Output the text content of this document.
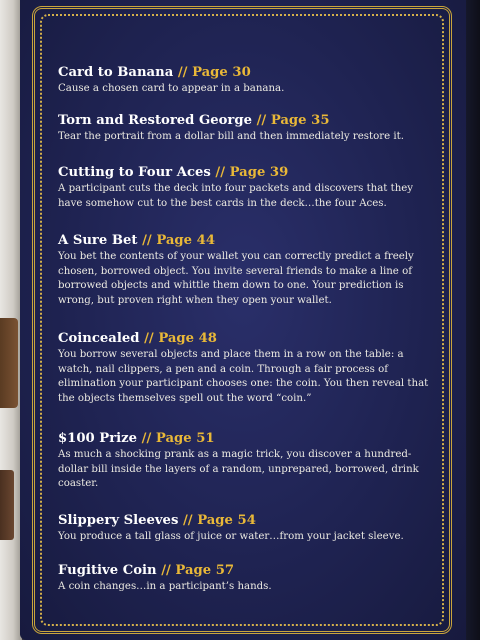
Card to Banana // Page 30
Cause a chosen card to appear in a banana.
Torn and Restored George // Page 35
Tear the portrait from a dollar bill and then immediately restore it.
Cutting to Four Aces // Page 39
A participant cuts the deck into four packets and discovers that they have somehow cut to the best cards in the deck…the four Aces.
A Sure Bet // Page 44
You bet the contents of your wallet you can correctly predict a freely chosen, borrowed object. You invite several friends to make a line of borrowed objects and whittle them down to one. Your prediction is wrong, but proven right when they open your wallet.
Coincealed // Page 48
You borrow several objects and place them in a row on the table: a watch, nail clippers, a pen and a coin. Through a fair process of elimination your participant chooses one: the coin. You then reveal that the objects themselves spell out the word “coin.”
$100 Prize // Page 51
As much a shocking prank as a magic trick, you discover a hundred-dollar bill inside the layers of a random, unprepared, borrowed, drink coaster.
Slippery Sleeves // Page 54
You produce a tall glass of juice or water…from your jacket sleeve.
Fugitive Coin // Page 57
A coin changes…in a participant’s hands.
